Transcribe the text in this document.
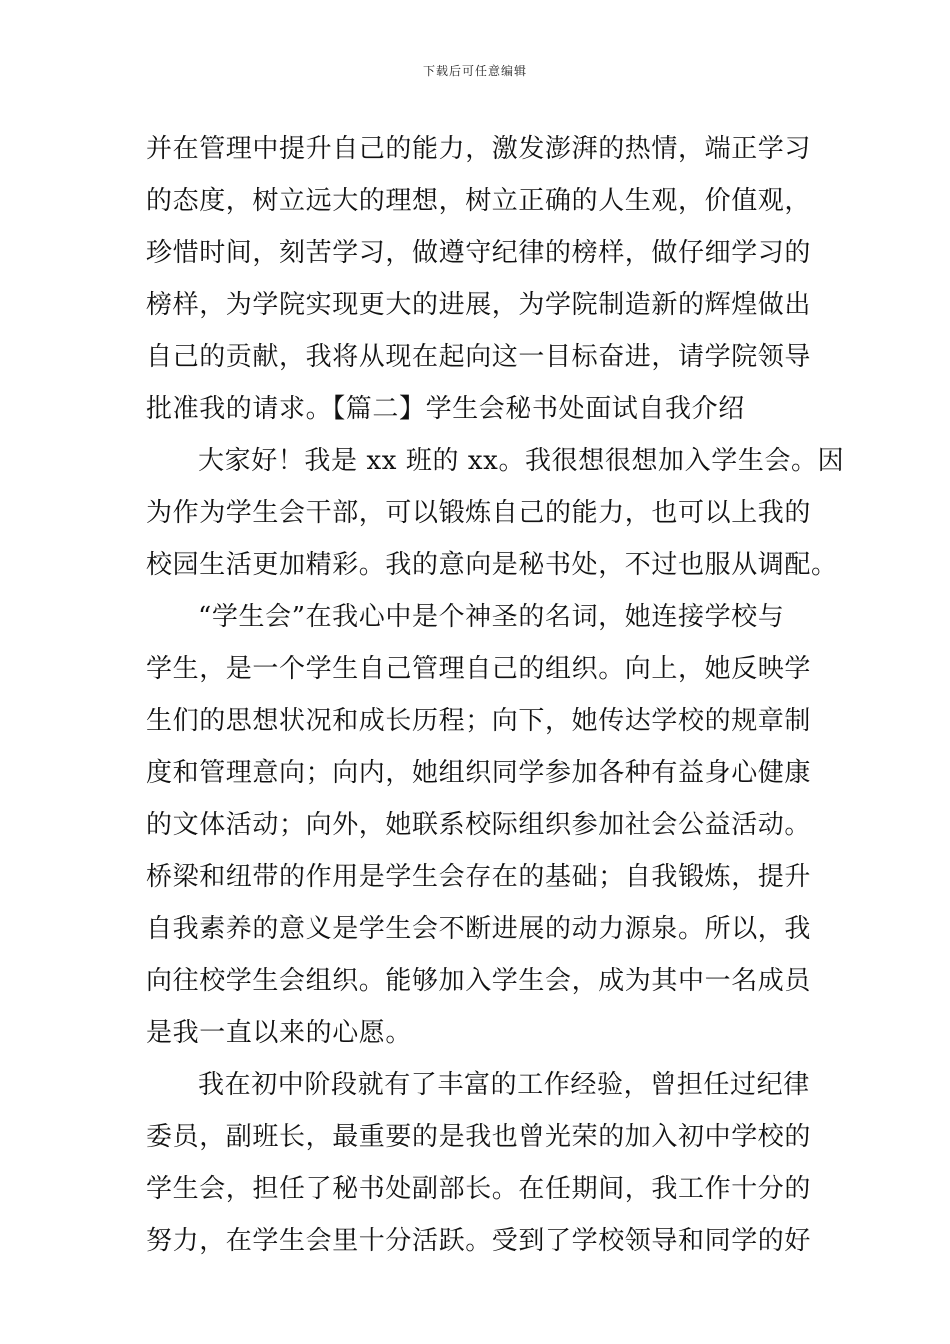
下载后可任意编辑
并在管理中提升自己的能力，激发澎湃的热情，端正学习
的态度，树立远大的理想，树立正确的人生观，价值观，
珍惜时间，刻苦学习，做遵守纪律的榜样，做仔细学习的
榜样，为学院实现更大的进展，为学院制造新的辉煌做出
自己的贡献，我将从现在起向这一目标奋进，请学院领导
批准我的请求。【篇二】学生会秘书处面试自我介绍
大家好！我是 xx 班的 xx。我很想很想加入学生会。因
为作为学生会干部，可以锻炼自己的能力，也可以上我的
校园生活更加精彩。我的意向是秘书处，不过也服从调配。
“学生会”在我心中是个神圣的名词，她连接学校与
学生，是一个学生自己管理自己的组织。向上，她反映学
生们的思想状况和成长历程；向下，她传达学校的规章制
度和管理意向；向内，她组织同学参加各种有益身心健康
的文体活动；向外，她联系校际组织参加社会公益活动。
桥梁和纽带的作用是学生会存在的基础；自我锻炼，提升
自我素养的意义是学生会不断进展的动力源泉。所以，我
向往校学生会组织。能够加入学生会，成为其中一名成员
是我一直以来的心愿。
我在初中阶段就有了丰富的工作经验，曾担任过纪律
委员，副班长，最重要的是我也曾光荣的加入初中学校的
学生会，担任了秘书处副部长。在任期间，我工作十分的
努力，在学生会里十分活跃。受到了学校领导和同学的好
